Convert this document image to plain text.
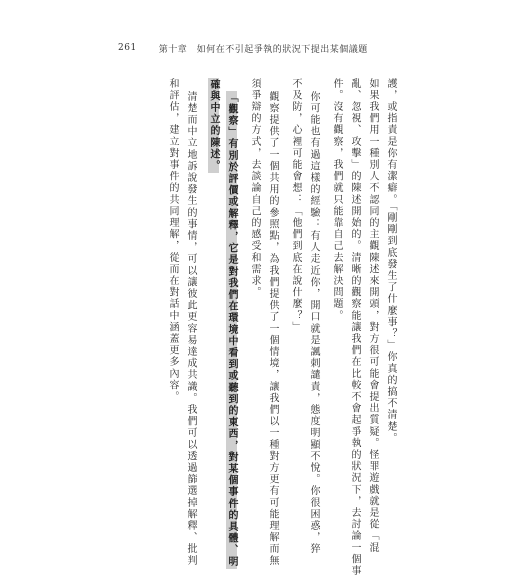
261 第十章　如何在不引起爭執的狀況下提出某個議題
護，或指責是你有潔癖。「剛剛到底發生了什麼事？」你真的搞不清楚。
如果我們用一種別人不認同的主觀陳述來開頭，對方很可能會提出質疑。怪罪遊戲就是從「混
亂、忽視、攻擊」的陳述開始的。清晰的觀察能讓我們在比較不會起爭執的狀況下，去討論一個事
件。沒有觀察，我們就只能靠自己去解決問題。
你可能也有過這樣的經驗：有人走近你，開口就是諷刺譴責，態度明顯不悅。你很困惑，猝
不及防，心裡可能會想：「他們到底在說什麼？」
觀察提供了一個共用的參照點，為我們提供了一個情境，讓我們以一種對方更有可能理解而無
須爭辯的方式，去談論自己的感受和需求。
「觀察」有別於評價或解釋，它是對我們在環境中看到或聽到的東西，對某個事件的具體、明
確與中立的陳述。
清楚而中立地訴說發生的事情，可以讓彼此更容易達成共識。我們可以透過篩選掉解釋、批判
和評估，建立對事件的共同理解，從而在對話中涵蓋更多內容。
